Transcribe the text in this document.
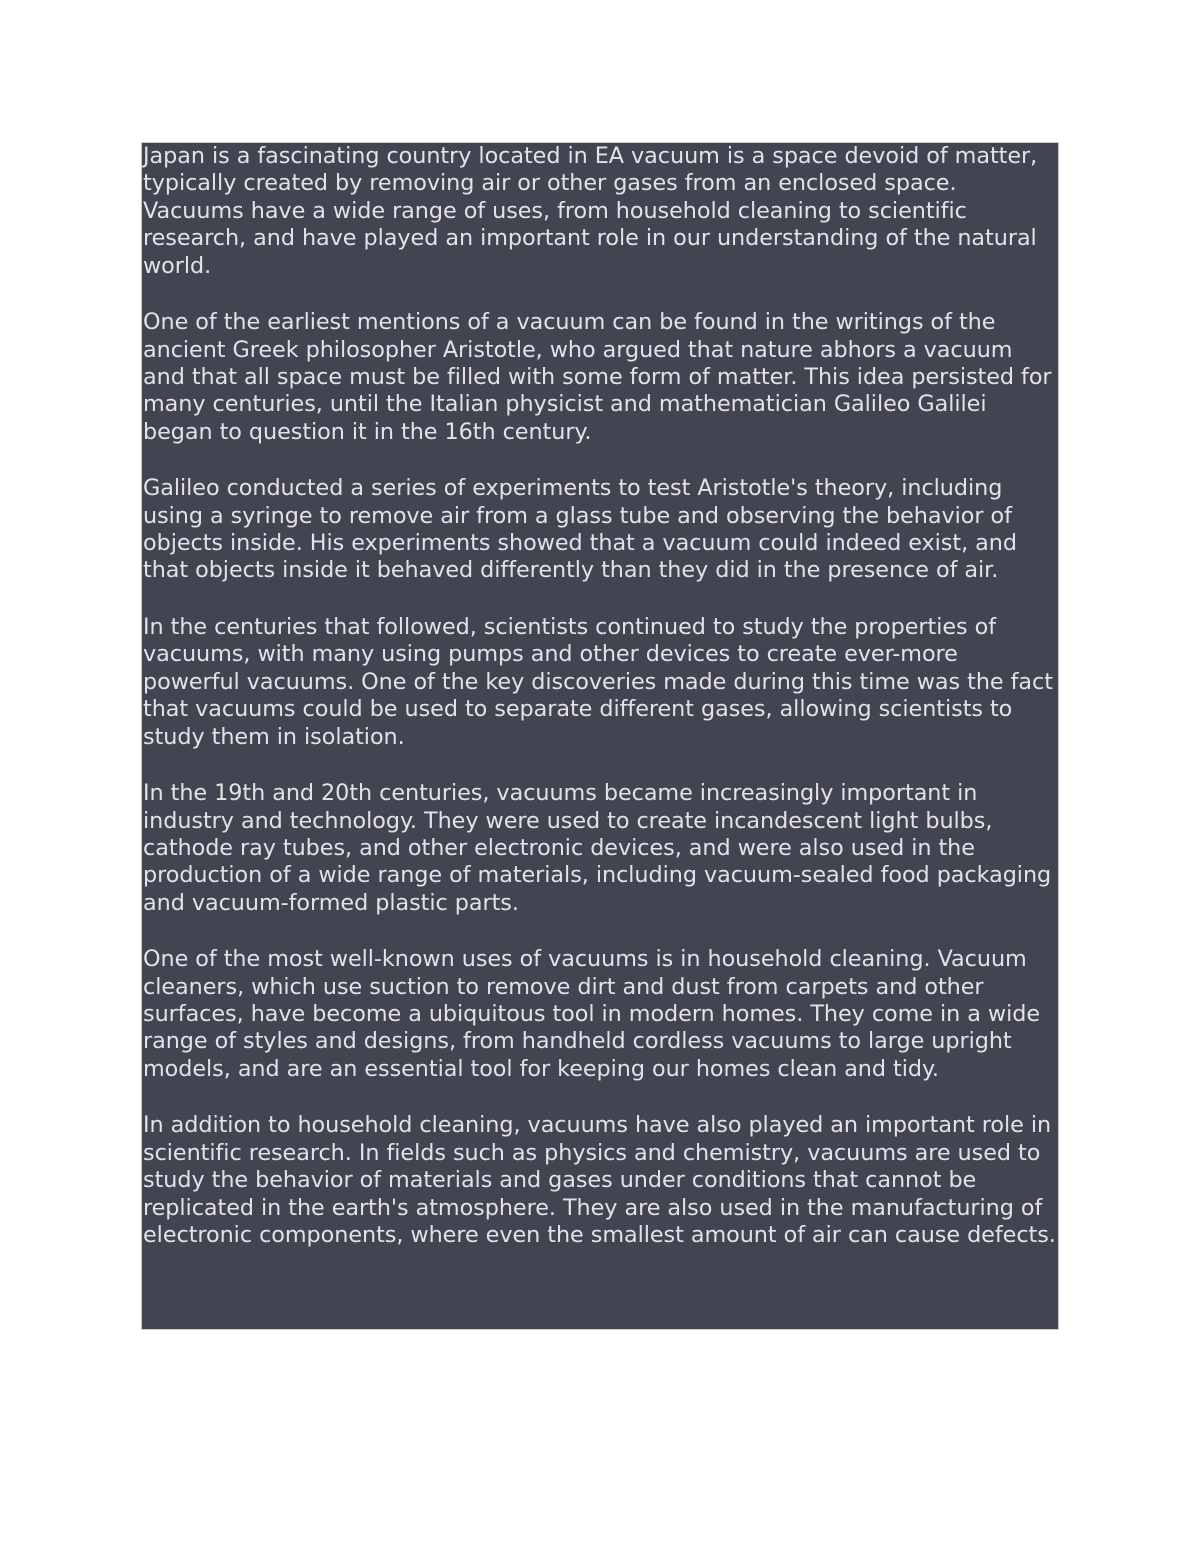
Japan is a fascinating country located in EA vacuum is a space devoid of matter, typically created by removing air or other gases from an enclosed space. Vacuums have a wide range of uses, from household cleaning to scientific research, and have played an important role in our understanding of the natural world.

One of the earliest mentions of a vacuum can be found in the writings of the ancient Greek philosopher Aristotle, who argued that nature abhors a vacuum and that all space must be filled with some form of matter. This idea persisted for many centuries, until the Italian physicist and mathematician Galileo Galilei began to question it in the 16th century.

Galileo conducted a series of experiments to test Aristotle's theory, including using a syringe to remove air from a glass tube and observing the behavior of objects inside. His experiments showed that a vacuum could indeed exist, and that objects inside it behaved differently than they did in the presence of air.

In the centuries that followed, scientists continued to study the properties of vacuums, with many using pumps and other devices to create ever-more powerful vacuums. One of the key discoveries made during this time was the fact that vacuums could be used to separate different gases, allowing scientists to study them in isolation.

In the 19th and 20th centuries, vacuums became increasingly important in industry and technology. They were used to create incandescent light bulbs, cathode ray tubes, and other electronic devices, and were also used in the production of a wide range of materials, including vacuum-sealed food packaging and vacuum-formed plastic parts.

One of the most well-known uses of vacuums is in household cleaning. Vacuum cleaners, which use suction to remove dirt and dust from carpets and other surfaces, have become a ubiquitous tool in modern homes. They come in a wide range of styles and designs, from handheld cordless vacuums to large upright models, and are an essential tool for keeping our homes clean and tidy.

In addition to household cleaning, vacuums have also played an important role in scientific research. In fields such as physics and chemistry, vacuums are used to study the behavior of materials and gases under conditions that cannot be replicated in the earth's atmosphere. They are also used in the manufacturing of electronic components, where even the smallest amount of air can cause defects.
